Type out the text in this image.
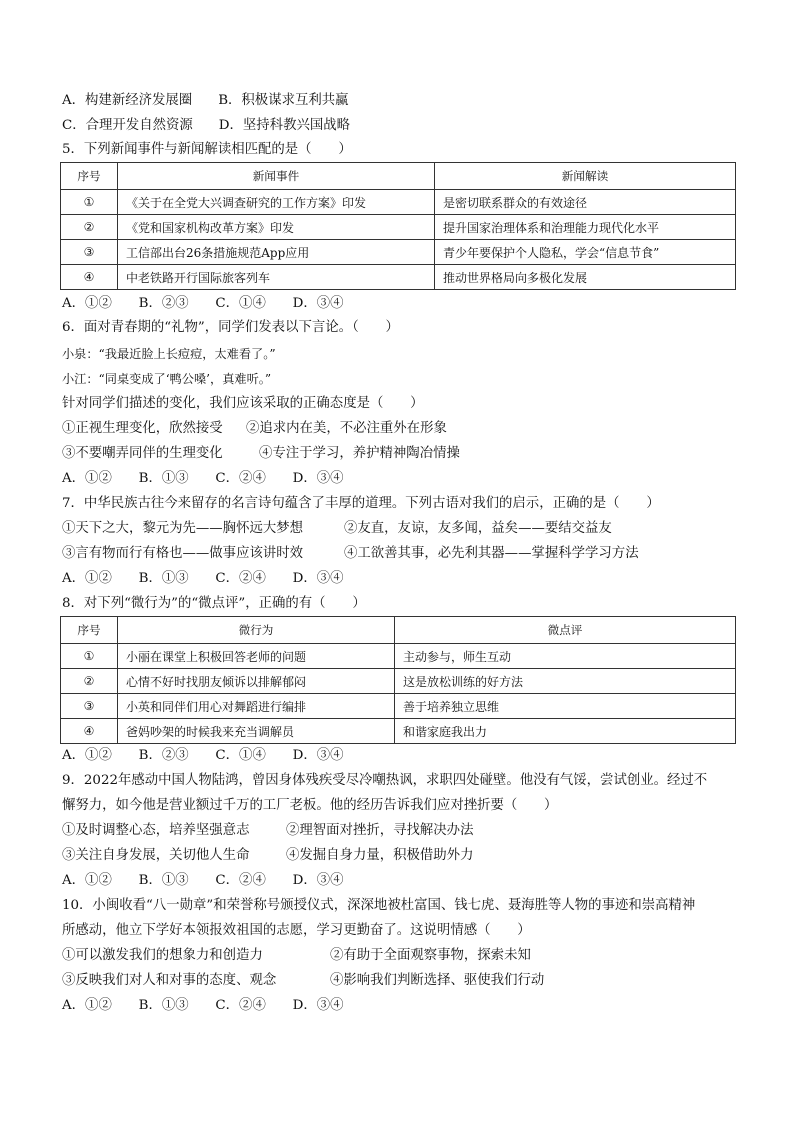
A．构建新经济发展圈 B．积极谋求互利共赢
C．合理开发自然资源 D．坚持科教兴国战略
5．下列新闻事件与新闻解读相匹配的是（　　）
序号	新闻事件	新闻解读
①	《关于在全党大兴调查研究的工作方案》印发	是密切联系群众的有效途径
②	《党和国家机构改革方案》印发	提升国家治理体系和治理能力现代化水平
③	工信部出台26条措施规范App应用	青少年要保护个人隐私，学会“信息节食”
④	中老铁路开行国际旅客列车	推动世界格局向多极化发展
A．①②　　B．②③　　C．①④　　D．③④
6．面对青春期的“礼物”，同学们发表以下言论。（　　）
小泉：“我最近脸上长痘痘，太难看了。”
小江：“同桌变成了‘鸭公嗓’，真难听。”
针对同学们描述的变化，我们应该采取的正确态度是（　　）
①正视生理变化，欣然接受 ②追求内在美，不必注重外在形象
③不要嘲弄同伴的生理变化	④专注于学习，养护精神陶冶情操
A．①②　　B．①③　　C．②④　　D．③④
7．中华民族古往今来留存的名言诗句蕴含了丰厚的道理。下列古语对我们的启示，正确的是（　　）
①天下之大，黎元为先——胸怀远大梦想	②友直，友谅，友多闻，益矣——要结交益友
③言有物而行有格也——做事应该讲时效	④工欲善其事，必先利其器——掌握科学学习方法
A．①②　　B．①③　　C．②④　　D．③④
8．对下列“微行为”的“微点评”，正确的有（　　）
序号	微行为	微点评
①	小丽在课堂上积极回答老师的问题	主动参与，师生互动
②	心情不好时找朋友倾诉以排解郁闷	这是放松训练的好方法
③	小英和同伴们用心对舞蹈进行编排	善于培养独立思维
④	爸妈吵架的时候我来充当调解员	和谐家庭我出力
A．①②　　B．②③　　C．①④　　D．③④
9．2022年感动中国人物陆鸿，曾因身体残疾受尽冷嘲热讽，求职四处碰壁。他没有气馁，尝试创业。经过不
懈努力，如今他是营业额过千万的工厂老板。他的经历告诉我们应对挫折要（　　）
①及时调整心态，培养坚强意志	②理智面对挫折，寻找解决办法
③关注自身发展，关切他人生命	④发掘自身力量，积极借助外力
A．①②　　B．①③　　C．②④　　D．③④
10．小闽收看“八一勋章”和荣誉称号颁授仪式，深深地被杜富国、钱七虎、聂海胜等人物的事迹和崇高精神
所感动，他立下学好本领报效祖国的志愿，学习更勤奋了。这说明情感（　　）
①可以激发我们的想象力和创造力	②有助于全面观察事物，探索未知
③反映我们对人和对事的态度、观念	④影响我们判断选择、驱使我们行动
A．①②　　B．①③　　C．②④　　D．③④
